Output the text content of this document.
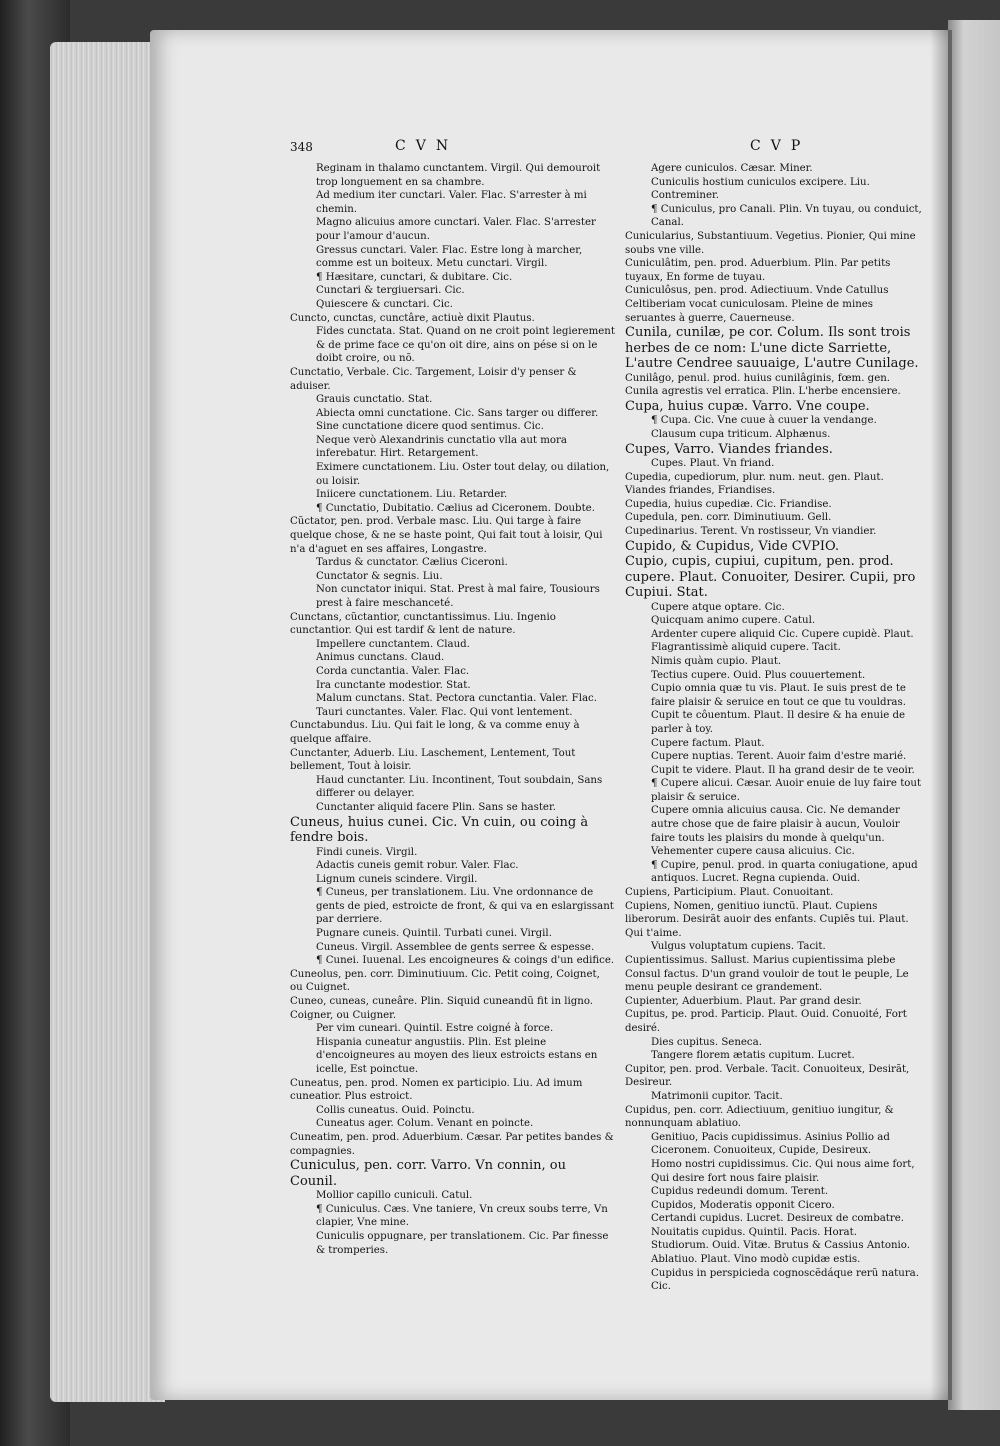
348	CVN	CVP

Reginam in thalamo cunctantem. Virgil. Qui demouroit trop longuement en sa chambre.

Ad medium iter cunctari. Valer. Flac. S'arrester à mi chemin.

Magno alicuius amore cunctari. Valer. Flac. S'arrester pour l'amour d'aucun.

Gressus cunctari. Valer. Flac. Estre long à marcher, comme est un boiteux. Metu cunctari. Virgil.

¶ Hæsitare, cunctari, & dubitare. Cic.

Cunctari & tergiuersari. Cic.

Quiescere & cunctari. Cic.

Cuncto, cunctas, cunctâre, actiuè dixit Plautus.

Fides cunctata. Stat. Quand on ne croit point legierement & de prime face ce qu'on oit dire, ains on pése si on le doibt croire, ou nõ.

Cunctatio, Verbale. Cic. Targement, Loisir d'y penser & aduiser.

Grauis cunctatio. Stat.

Abiecta omni cunctatione. Cic. Sans targer ou differer.

Sine cunctatione dicere quod sentimus. Cic.

Neque verò Alexandrinis cunctatio vlla aut mora inferebatur. Hirt. Retargement.

Eximere cunctationem. Liu. Oster tout delay, ou dilation, ou loisir.

Iniicere cunctationem. Liu. Retarder.

¶ Cunctatio, Dubitatio. Cælius ad Ciceronem. Doubte.

Cũctator, pen. prod. Verbale masc. Liu. Qui targe à faire quelque chose, & ne se haste point, Qui fait tout à loisir, Qui n'a d'aguet en ses affaires, Longastre.

Tardus & cunctator. Cælius Ciceroni.

Cunctator & segnis. Liu.

Non cunctator iniqui. Stat. Prest à mal faire, Tousiours prest à faire meschanceté.

Cunctans, cũctantior, cunctantissimus. Liu. Ingenio cunctantior. Qui est tardif & lent de nature.

Impellere cunctantem. Claud.

Animus cunctans. Claud.

Corda cunctantia. Valer. Flac.

Ira cunctante modestior. Stat.

Malum cunctans. Stat. Pectora cunctantia. Valer. Flac.

Tauri cunctantes. Valer. Flac. Qui vont lentement.

Cunctabundus. Liu. Qui fait le long, & va comme enuy à quelque affaire.

Cunctanter, Aduerb. Liu. Laschement, Lentement, Tout bellement, Tout à loisir.

Haud cunctanter. Liu. Incontinent, Tout soubdain, Sans differer ou delayer.

Cunctanter aliquid facere Plin. Sans se haster.

Cuneus, huius cunei. Cic. Vn cuin, ou coing à fendre bois.

Findi cuneis. Virgil.

Adactis cuneis gemit robur. Valer. Flac.

Lignum cuneis scindere. Virgil.

¶ Cuneus, per translationem. Liu. Vne ordonnance de gents de pied, estroicte de front, & qui va en eslargissant par derriere.

Pugnare cuneis. Quintil. Turbati cunei. Virgil.

Cuneus. Virgil. Assemblee de gents serree & espesse.

¶ Cunei. Iuuenal. Les encoigneures & coings d'un edifice.

Cuneolus, pen. corr. Diminutiuum. Cic. Petit coing, Coignet, ou Cuignet.

Cuneo, cuneas, cuneâre. Plin. Siquid cuneandũ fit in ligno. Coigner, ou Cuigner.

Per vim cuneari. Quintil. Estre coigné à force.

Hispania cuneatur angustiis. Plin. Est pleine d'encoigneures au moyen des lieux estroicts estans en icelle, Est poinctue.

Cuneatus, pen. prod. Nomen ex participio. Liu. Ad imum cuneatior. Plus estroict.

Collis cuneatus. Ouid. Poinctu.

Cuneatus ager. Colum. Venant en poincte.

Cuneatim, pen. prod. Aduerbium. Cæsar. Par petites bandes & compagnies.

Cuniculus, pen. corr. Varro. Vn connin, ou Counil.

Mollior capillo cuniculi. Catul.

¶ Cuniculus. Cæs. Vne taniere, Vn creux soubs terre, Vn clapier, Vne mine.

Cuniculis oppugnare, per translationem. Cic. Par finesse & tromperies.

Agere cuniculos. Cæsar. Miner.

Cuniculis hostium cuniculos excipere. Liu. Contreminer.

¶ Cuniculus, pro Canali. Plin. Vn tuyau, ou conduict, Canal.

Cunicularius, Substantiuum. Vegetius. Pionier, Qui mine soubs vne ville.

Cuniculâtim, pen. prod. Aduerbium. Plin. Par petits tuyaux, En forme de tuyau.

Cuniculôsus, pen. prod. Adiectiuum. Vnde Catullus Celtiberiam vocat cuniculosam. Pleine de mines seruantes à guerre, Cauerneuse.

Cunila, cunilæ, pe cor. Colum. Ils sont trois herbes de ce nom: L'une dicte Sarriette, L'autre Cendree sauuaige, L'autre Cunilage.

Cunilâgo, penul. prod. huius cunilâginis, fœm. gen. Cunila agrestis vel erratica. Plin. L'herbe encensiere.

Cupa, huius cupæ. Varro. Vne coupe.

¶ Cupa. Cic. Vne cuue à cuuer la vendange.

Clausum cupa triticum. Alphænus.

Cupes, Varro. Viandes friandes.

Cupes. Plaut. Vn friand.

Cupedia, cupediorum, plur. num. neut. gen. Plaut. Viandes friandes, Friandises.

Cupedia, huius cupediæ. Cic. Friandise.

Cupedula, pen. corr. Diminutiuum. Gell.

Cupedinarius. Terent. Vn rostisseur, Vn viandier.

Cupido, & Cupidus, Vide CVPIO.

Cupio, cupis, cupiui, cupitum, pen. prod. cupere. Plaut. Conuoiter, Desirer. Cupii, pro Cupiui. Stat.

Cupere atque optare. Cic.

Quicquam animo cupere. Catul.

Ardenter cupere aliquid Cic. Cupere cupidè. Plaut.

Flagrantissimè aliquid cupere. Tacit.

Nimis quàm cupio. Plaut.

Tectius cupere. Ouid. Plus couuertement.

Cupio omnia quæ tu vis. Plaut. Ie suis prest de te faire plaisir & seruice en tout ce que tu vouldras.

Cupit te côuentum. Plaut. Il desire & ha enuie de parler à toy.

Cupere factum. Plaut.

Cupere nuptias. Terent. Auoir faim d'estre marié.

Cupit te videre. Plaut. Il ha grand desir de te veoir.

¶ Cupere alicui. Cæsar. Auoir enuie de luy faire tout plaisir & seruice.

Cupere omnia alicuius causa. Cic. Ne demander autre chose que de faire plaisir à aucun, Vouloir faire touts les plaisirs du monde à quelqu'un.

Vehementer cupere causa alicuius. Cic.

¶ Cupire, penul. prod. in quarta coniugatione, apud antiquos. Lucret. Regna cupienda. Ouid.

Cupiens, Participium. Plaut. Conuoitant.

Cupiens, Nomen, genitiuo iunctũ. Plaut. Cupiens liberorum. Desirãt auoir des enfants. Cupiẽs tui. Plaut. Qui t'aime.

Vulgus voluptatum cupiens. Tacit.

Cupientissimus. Sallust. Marius cupientissima plebe Consul factus. D'un grand vouloir de tout le peuple, Le menu peuple desirant ce grandement.

Cupienter, Aduerbium. Plaut. Par grand desir.

Cupitus, pe. prod. Particip. Plaut. Ouid. Conuoité, Fort desiré.

Dies cupitus. Seneca.

Tangere florem ætatis cupitum. Lucret.

Cupitor, pen. prod. Verbale. Tacit. Conuoiteux, Desirãt, Desireur.

Matrimonii cupitor. Tacit.

Cupidus, pen. corr. Adiectiuum, genitiuo iungitur, & nonnunquam ablatiuo.

Genitiuo, Pacis cupidissimus. Asinius Pollio ad Ciceronem. Conuoiteux, Cupide, Desireux.

Homo nostri cupidissimus. Cic. Qui nous aime fort, Qui desire fort nous faire plaisir.

Cupidus redeundi domum. Terent.

Cupidos, Moderatis opponit Cicero.

Certandi cupidus. Lucret. Desireux de combatre.

Nouitatis cupidus. Quintil. Pacis. Horat.

Studiorum. Ouid. Vitæ. Brutus & Cassius Antonio.

Ablatiuo. Plaut. Vino modò cupidæ estis.

Cupidus in perspicieda cognoscẽdáque rerũ natura. Cic.
